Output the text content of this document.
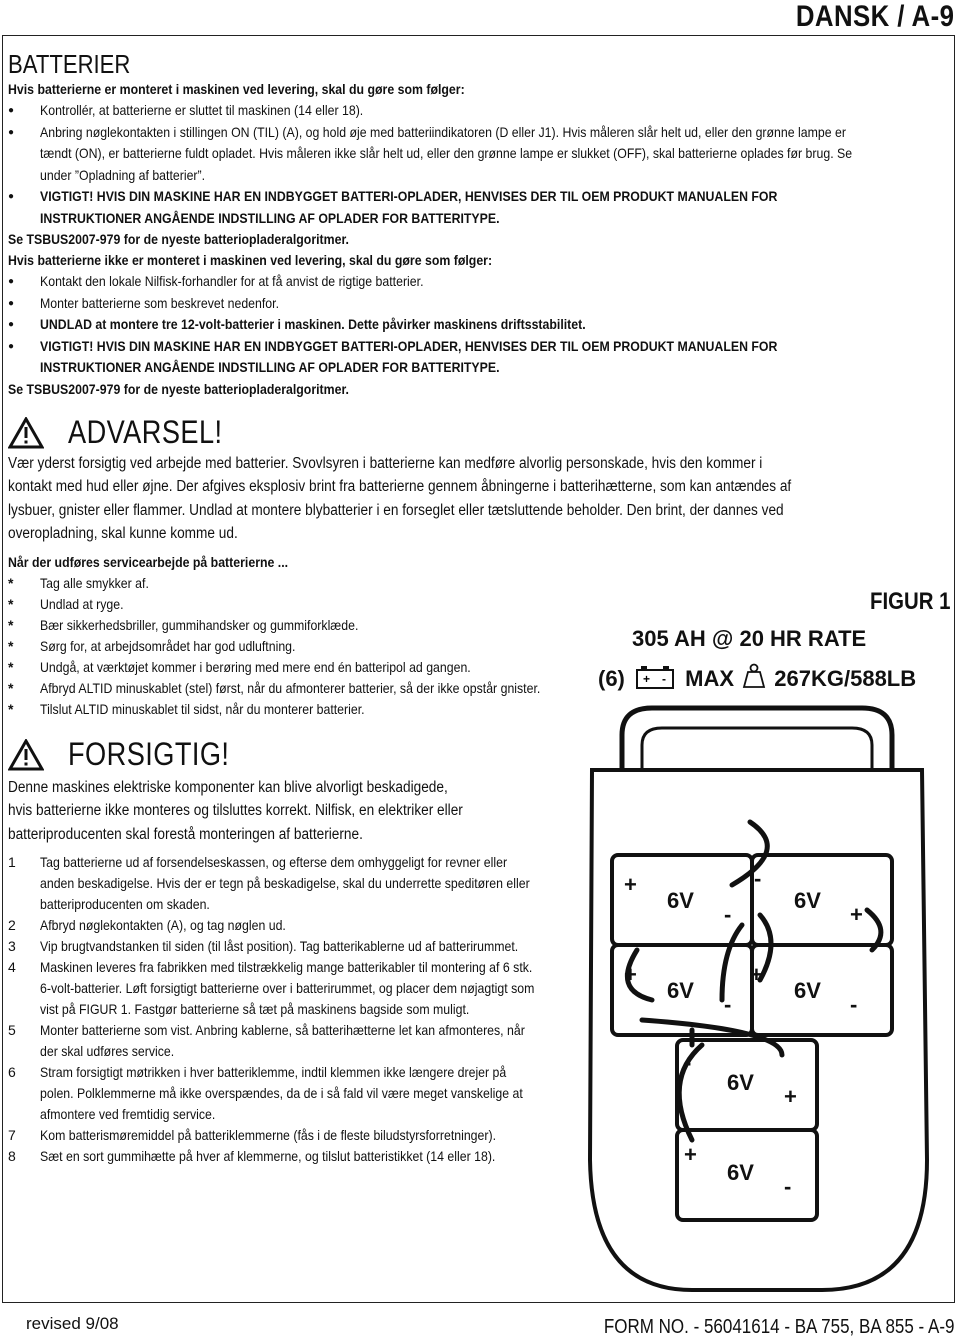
DANSK / A-9
BATTERIER
Hvis batterierne er monteret i maskinen ved levering, skal du gøre som følger:
● Kontrollér, at batterierne er sluttet til maskinen (14 eller 18).
● Anbring nøglekontakten i stillingen ON (TIL) (A), og hold øje med batteriindikatoren (D eller J1). Hvis måleren slår helt ud, eller den grønne lampe er tændt (ON), er batterierne fuldt opladet. Hvis måleren ikke slår helt ud, eller den grønne lampe er slukket (OFF), skal batterierne oplades før brug. Se under ”Opladning af batterier”.
● VIGTIGT! HVIS DIN MASKINE HAR EN INDBYGGET BATTERI-OPLADER, HENVISES DER TIL OEM PRODUKT MANUALEN FOR INSTRUKTIONER ANGÅENDE INDSTILLING AF OPLADER FOR BATTERITYPE.
Se TSBUS2007-979 for de nyeste batteriopladeralgoritmer.
Hvis batterierne ikke er monteret i maskinen ved levering, skal du gøre som følger:
● Kontakt den lokale Nilfisk-forhandler for at få anvist de rigtige batterier.
● Monter batterierne som beskrevet nedenfor.
● UNDLAD at montere tre 12-volt-batterier i maskinen. Dette påvirker maskinens driftsstabilitet.
● VIGTIGT! HVIS DIN MASKINE HAR EN INDBYGGET BATTERI-OPLADER, HENVISES DER TIL OEM PRODUKT MANUALEN FOR INSTRUKTIONER ANGÅENDE INDSTILLING AF OPLADER FOR BATTERITYPE.
Se TSBUS2007-979 for de nyeste batteriopladeralgoritmer.
ADVARSEL!
Vær yderst forsigtig ved arbejde med batterier. Svovlsyren i batterierne kan medføre alvorlig personskade, hvis den kommer i
kontakt med hud eller øjne. Der afgives eksplosiv brint fra batterierne gennem åbningerne i batterihætterne, som kan antændes af
lysbuer, gnister eller flammer. Undlad at montere blybatterier i en forseglet eller tætsluttende beholder. Den brint, der dannes ved
overopladning, skal kunne komme ud.
Når der udføres servicearbejde på batterierne ...
* Tag alle smykker af.
* Undlad at ryge.
* Bær sikkerhedsbriller, gummihandsker og gummiforklæde.
* Sørg for, at arbejdsområdet har god udluftning.
* Undgå, at værktøjet kommer i berøring med mere end én batteripol ad gangen.
* Afbryd ALTID minuskablet (stel) først, når du afmonterer batterier, så der ikke opstår gnister.
* Tilslut ALTID minuskablet til sidst, når du monterer batterier.
FORSIGTIG!
Denne maskines elektriske komponenter kan blive alvorligt beskadigede,
hvis batterierne ikke monteres og tilsluttes korrekt. Nilfisk, en elektriker eller
batteriproducenten skal forestå monteringen af batterierne.
1 Tag batterierne ud af forsendelseskassen, og efterse dem omhyggeligt for revner eller anden beskadigelse. Hvis der er tegn på beskadigelse, skal du underrette speditøren eller batteriproducenten om skaden.
2 Afbryd nøglekontakten (A), og tag nøglen ud.
3 Vip brugtvandstanken til siden (til låst position). Tag batterikablerne ud af batterirummet.
4 Maskinen leveres fra fabrikken med tilstrækkelig mange batterikabler til montering af 6 stk. 6-volt-batterier. Løft forsigtigt batterierne over i batterirummet, og placer dem nøjagtigt som vist på FIGUR 1. Fastgør batterierne så tæt på maskinens bagside som muligt.
5 Monter batterierne som vist. Anbring kablerne, så batterihætterne let kan afmonteres, når der skal udføres service.
6 Stram forsigtigt møtrikken i hver batteriklemme, indtil klemmen ikke længere drejer på polen. Polklemmerne må ikke overspændes, da de i så fald vil være meget vanskelige at afmontere ved fremtidig service.
7 Kom batterismøremiddel på batteriklemmerne (fås i de fleste biludstyrsforretninger).
8 Sæt en sort gummihætte på hver af klemmerne, og tilslut batteristikket (14 eller 18).
FIGUR 1
305 AH @ 20 HR RATE
(6) + - MAX 267KG/588LB
6V	6V
6V	6V
6V
6V
+	-
-	+
+	+
-	-
-
+
+
-
revised 9/08	FORM NO. - 56041614 - BA 755, BA 855 - A-9
